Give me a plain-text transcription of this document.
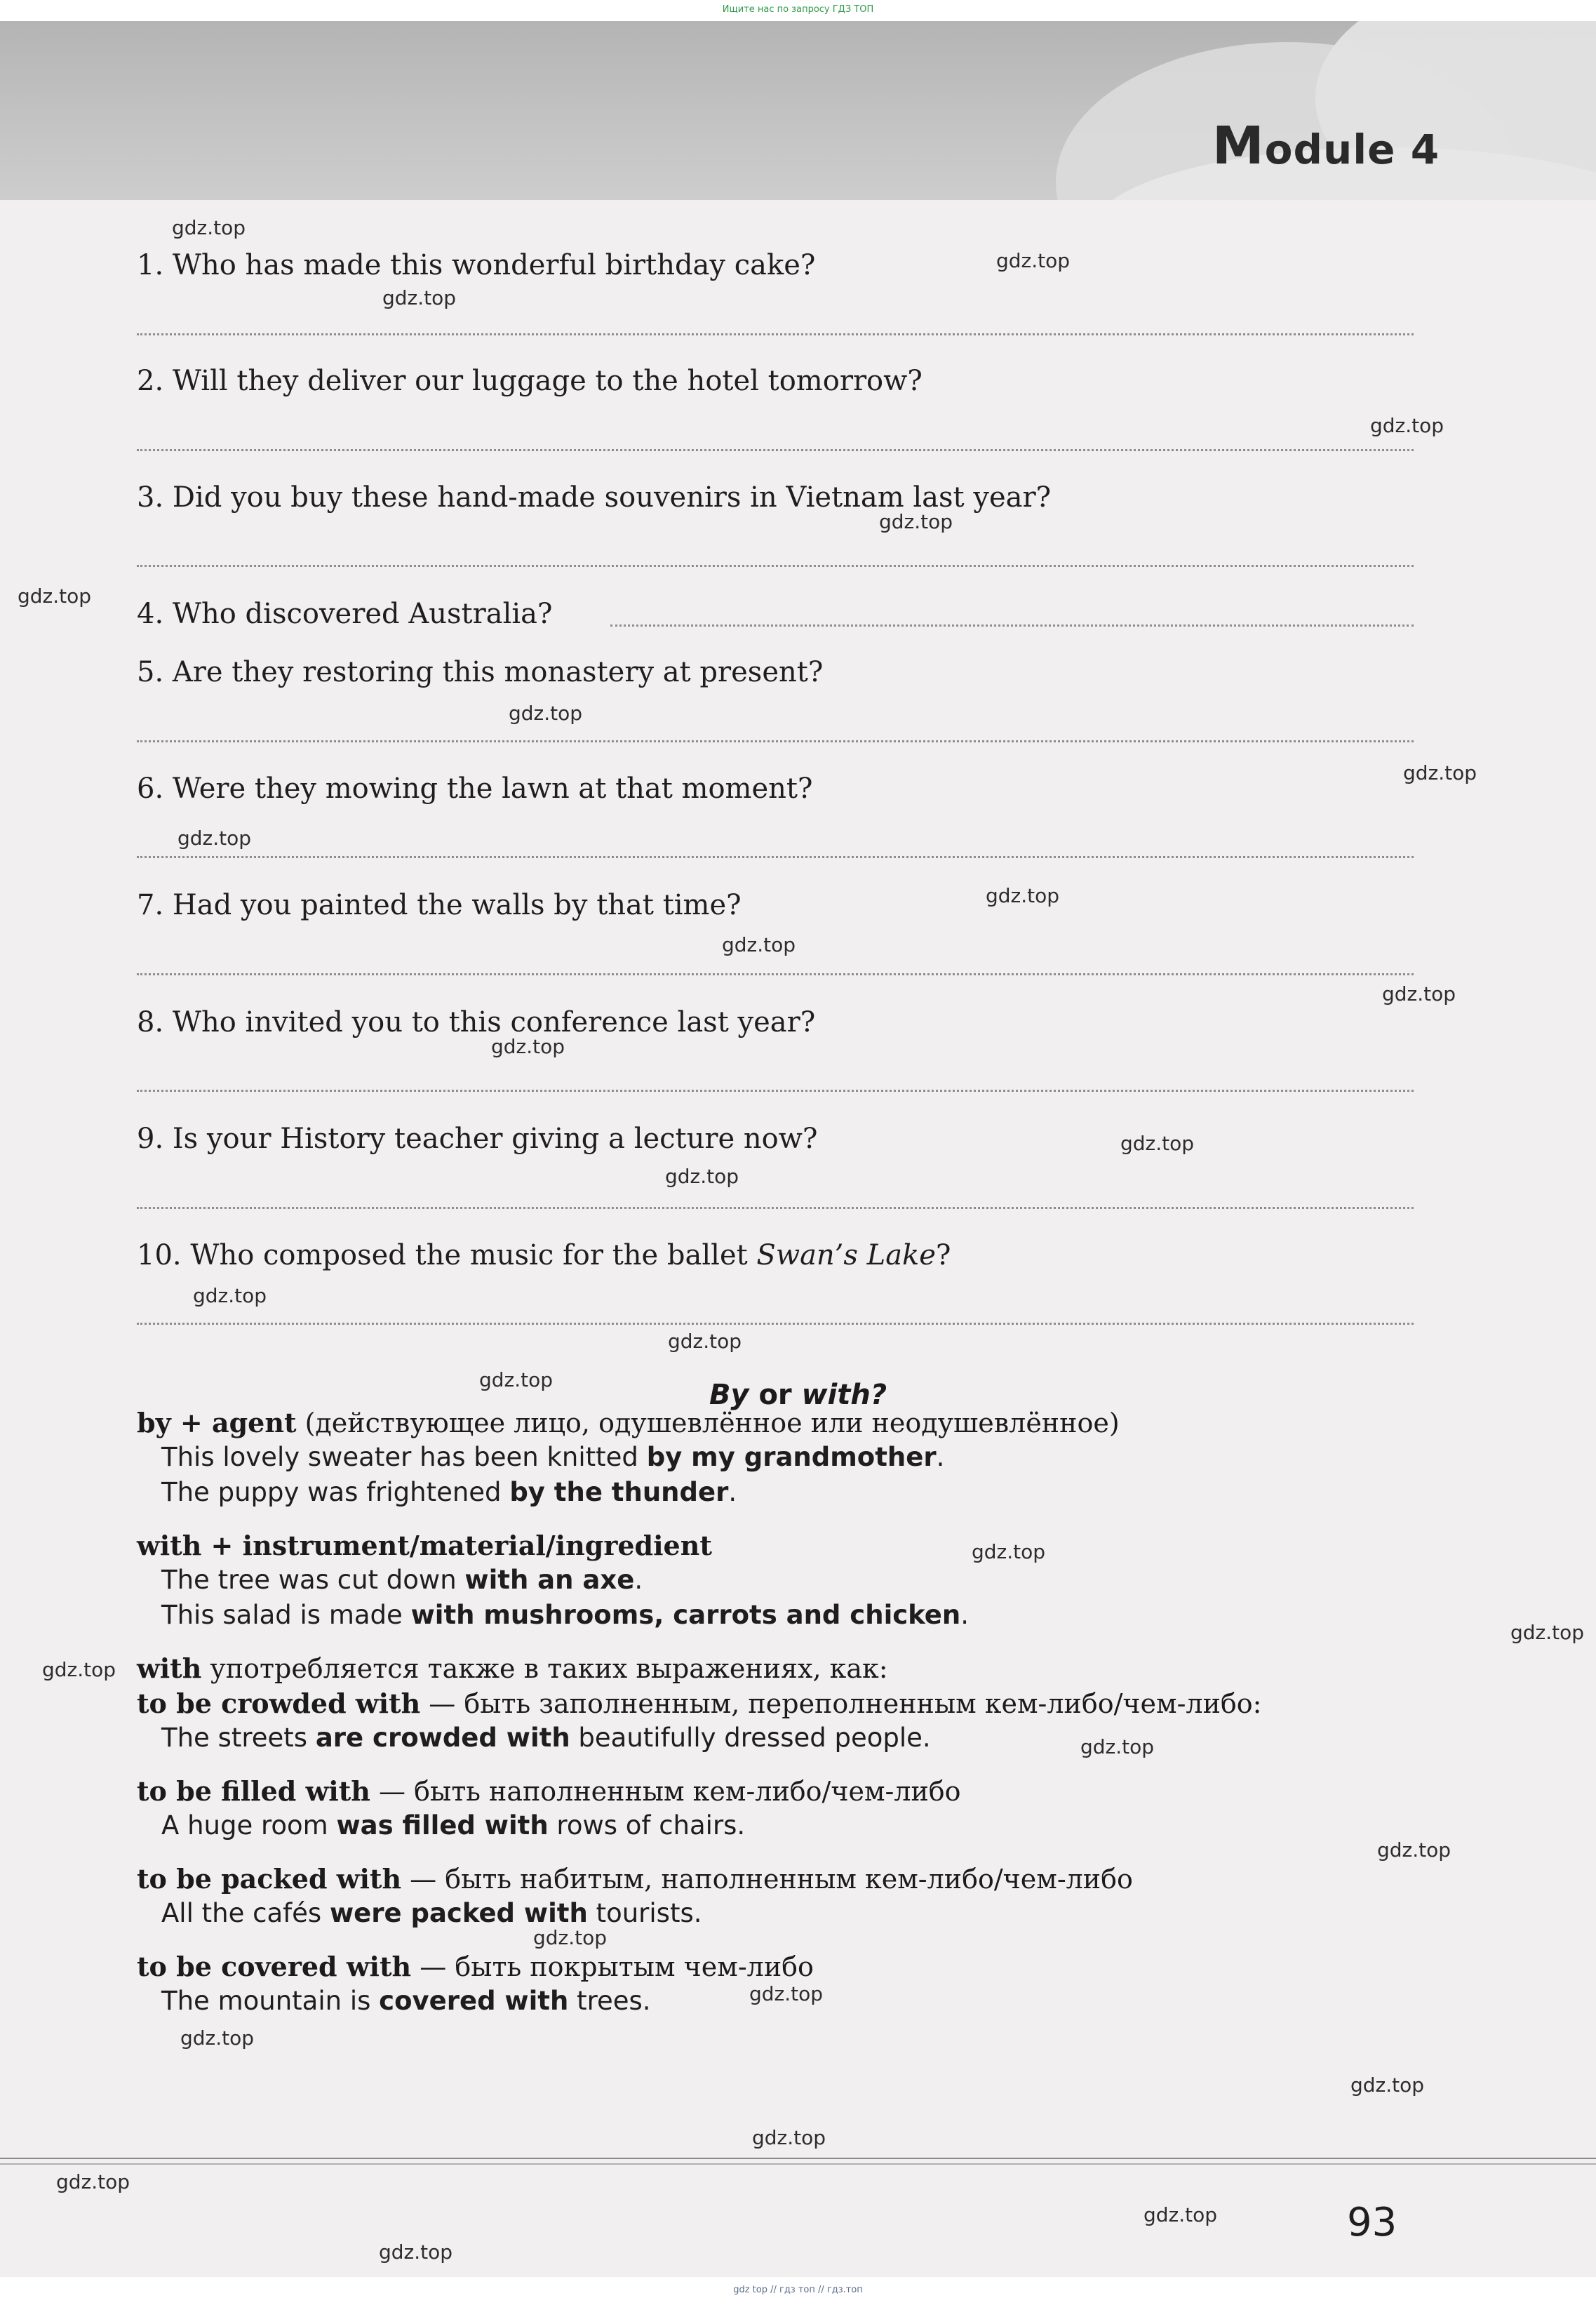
Ищите нас по запросу ГДЗ ТОП
Module 4
1. Who has made this wonderful birthday cake?
2. Will they deliver our luggage to the hotel tomorrow?
3. Did you buy these hand-made souvenirs in Vietnam last year?
4. Who discovered Australia?
5. Are they restoring this monastery at present?
6. Were they mowing the lawn at that moment?
7. Had you painted the walls by that time?
8. Who invited you to this conference last year?
9. Is your History teacher giving a lecture now?
10. Who composed the music for the ballet Swan’s Lake?
By or with?
by + agent (действующее лицо, одушевлённое или неодушевлённое)
This lovely sweater has been knitted by my grandmother.
The puppy was frightened by the thunder.
with + instrument/material/ingredient
The tree was cut down with an axe.
This salad is made with mushrooms, carrots and chicken.
with употребляется также в таких выражениях, как:
to be crowded with — быть заполненным, переполненным кем-либо/чем-либо:
The streets are crowded with beautifully dressed people.
to be filled with — быть наполненным кем-либо/чем-либо
A huge room was filled with rows of chairs.
to be packed with — быть набитым, наполненным кем-либо/чем-либо
All the cafés were packed with tourists.
to be covered with — быть покрытым чем-либо
The mountain is covered with trees.
gdz.top
gdz.top
gdz.top
gdz.top
gdz.top
gdz.top
gdz.top
gdz.top
gdz.top
gdz.top
gdz.top
gdz.top
gdz.top
gdz.top
gdz.top
gdz.top
gdz.top
gdz.top
gdz.top
gdz.top
gdz.top
gdz.top
gdz.top
gdz.top
gdz.top
gdz.top
gdz.top
gdz.top
gdz.top
gdz.top
gdz.top
93
gdz top // гдз топ // гдз.топ
